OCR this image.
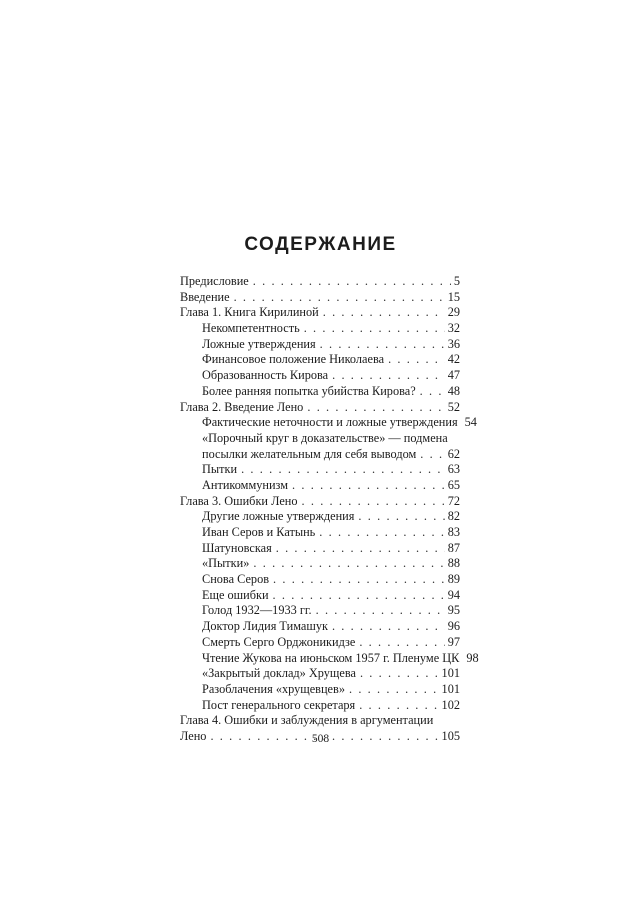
СОДЕРЖАНИЕ
Предисловие . . .	5
Введение . . .	15
Глава 1. Книга Кирилиной . . .	29
Некомпетентность . . .	32
Ложные утверждения . . .	36
Финансовое положение Николаева . . .	42
Образованность Кирова . . .	47
Более ранняя попытка убийства Кирова? . . .	48
Глава 2. Введение Лено . . .	52
Фактические неточности и ложные утверждения 54
«Порочный круг в доказательстве» — подмена
посылки желательным для себя выводом . . .	62
Пытки . . .	63
Антикоммунизм . . .	65
Глава 3. Ошибки Лено . . .	72
Другие ложные утверждения . . .	82
Иван Серов и Катынь . . .	83
Шатуновская . . .	87
«Пытки» . . .	88
Снова Серов . . .	89
Еще ошибки . . .	94
Голод 1932—1933 гг. . . .	95
Доктор Лидия Тимашук . . .	96
Смерть Серго Орджоникидзе . . .	97
Чтение Жукова на июньском 1957 г. Пленуме ЦК 98
«Закрытый доклад» Хрущева . . .	101
Разоблачения «хрущевцев» . . .	101
Пост генерального секретаря . . .	102
Глава 4. Ошибки и заблуждения в аргументации
Лено . . .	105
508
